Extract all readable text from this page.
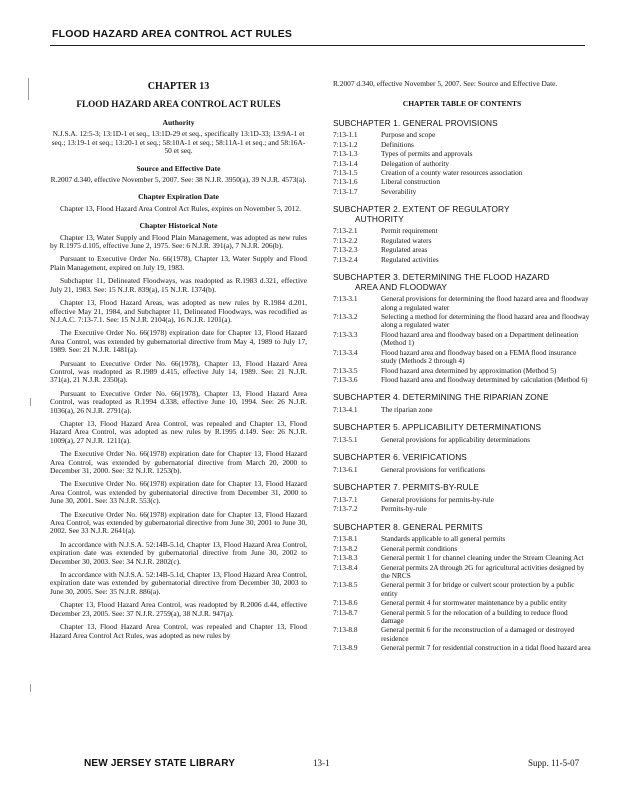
FLOOD HAZARD AREA CONTROL ACT RULES
CHAPTER 13
FLOOD HAZARD AREA CONTROL ACT RULES
Authority

N.J.S.A. 12:5-3; 13:1D-1 et seq., 13:1D-29 et seq., specifically 13:1D-33; 13:9A-1 et seq.; 13:19-1 et seq.; 13:20-1 et seq.; 58:10A-1 et seq.; 58:11A-1 et seq.; and 58:16A-50 et seq.

Source and Effective Date

R.2007 d.340, effective November 5, 2007. See: 38 N.J.R. 3950(a), 39 N.J.R. 4573(a).

Chapter Expiration Date

Chapter 13, Flood Hazard Area Control Act Rules, expires on November 5, 2012.

Chapter Historical Note

Chapter 13, Water Supply and Flood Plain Management, was adopted as new rules by R.1975 d.105, effective June 2, 1975. See: 6 N.J.R. 391(a), 7 N.J.R. 206(b).

Pursuant to Executive Order No. 66(1978), Chapter 13, Water Supply and Flood Plain Management, expired on July 19, 1983.

Subchapter 11, Delineated Floodways, was readopted as R.1983 d.321, effective July 21, 1983. See: 15 N.J.R. 839(a), 15 N.J.R. 1374(b).

Chapter 13, Flood Hazard Areas, was adopted as new rules by R.1984 d.201, effective May 21, 1984, and Subchapter 11, Delineated Floodways, was recodified as N.J.A.C. 7:13-7.1. See: 15 N.J.R. 2104(a), 16 N.J.R. 1201(a).

The Executive Order No. 66(1978) expiration date for Chapter 13, Flood Hazard Area Control, was extended by gubernatorial directive from May 4, 1989 to July 17, 1989. See: 21 N.J.R. 1481(a).

Pursuant to Executive Order No. 66(1978), Chapter 13, Flood Hazard Area Control, was readopted as R.1989 d.415, effective July 14, 1989. See: 21 N.J.R. 371(a), 21 N.J.R. 2350(a).

Pursuant to Executive Order No. 66(1978), Chapter 13, Flood Hazard Area Control, was readopted as R.1994 d.338, effective June 10, 1994. See: 26 N.J.R. 1036(a), 26 N.J.R. 2791(a).

Chapter 13, Flood Hazard Area Control, was repealed and Chapter 13, Flood Hazard Area Control, was adopted as new rules by R.1995 d.149. See: 26 N.J.R. 1009(a), 27 N.J.R. 1211(a).

The Executive Order No. 66(1978) expiration date for Chapter 13, Flood Hazard Area Control, was extended by gubernatorial directive from March 20, 2000 to December 31, 2000. See: 32 N.J.R. 1253(b).

The Executive Order No. 66(1978) expiration date for Chapter 13, Flood Hazard Area Control, was extended by gubernatorial directive from December 31, 2000 to June 30, 2001. See: 33 N.J.R. 553(c).

The Executive Order No. 66(1978) expiration date for Chapter 13, Flood Hazard Area Control, was extended by gubernatorial directive from June 30, 2001 to June 30, 2002. See 33 N.J.R. 2641(a).

In accordance with N.J.S.A. 52:14B-5.1d, Chapter 13, Flood Hazard Area Control, expiration date was extended by gubernatorial directive from June 30, 2002 to December 30, 2003. See: 34 N.J.R. 2802(c).

In accordance with N.J.S.A. 52:14B-5.1d, Chapter 13, Flood Hazard Area Control, expiration date was extended by gubernatorial directive from December 30, 2003 to June 30, 2005. See: 35 N.J.R. 886(a).

Chapter 13, Flood Hazard Area Control, was readopted by R.2006 d.44, effective December 23, 2005. See: 37 N.J.R. 2759(a), 38 N.J.R. 947(a).

Chapter 13, Flood Hazard Area Control, was repealed and Chapter 13, Flood Hazard Area Control Act Rules, was adopted as new rules by

R.2007 d.340, effective November 5, 2007. See: Source and Effective Date.

CHAPTER TABLE OF CONTENTS
SUBCHAPTER 1. GENERAL PROVISIONS
7:13-1.1	Purpose and scope
7:13-1.2	Definitions
7:13-1.3	Types of permits and approvals
7:13-1.4	Delegation of authority
7:13-1.5	Creation of a county water resources association
7:13-1.6	Liberal construction
7:13-1.7	Severability
SUBCHAPTER 2. EXTENT OF REGULATORY
AUTHORITY
7:13-2.1	Permit requirement
7:13-2.2	Regulated waters
7:13-2.3	Regulated areas
7:13-2.4	Regulated activities
SUBCHAPTER 3. DETERMINING THE FLOOD HAZARD
AREA AND FLOODWAY
7:13-3.1	General provisions for determining the flood hazard area and floodway along a regulated water
7:13-3.2	Selecting a method for determining the flood hazard area and floodway along a regulated water
7:13-3.3	Flood hazard area and floodway based on a Department delineation (Method 1)
7:13-3.4	Flood hazard area and floodway based on a FEMA flood insurance study (Methods 2 through 4)
7:13-3.5	Flood hazard area determined by approximation (Method 5)
7:13-3.6	Flood hazard area and floodway determined by calculation (Method 6)
SUBCHAPTER 4. DETERMINING THE RIPARIAN ZONE
7:13-4.1	The riparian zone
SUBCHAPTER 5. APPLICABILITY DETERMINATIONS
7:13-5.1	General provisions for applicability determinations
SUBCHAPTER 6. VERIFICATIONS
7:13-6.1	General provisions for verifications
SUBCHAPTER 7. PERMITS-BY-RULE
7:13-7.1	General provisions for permits-by-rule
7:13-7.2	Permits-by-rule
SUBCHAPTER 8. GENERAL PERMITS
7:13-8.1	Standards applicable to all general permits
7:13-8.2	General permit conditions
7:13-8.3	General permit 1 for channel cleaning under the Stream Cleaning Act
7:13-8.4	General permits 2A through 2G for agricultural activities designed by the NRCS
7:13-8.5	General permit 3 for bridge or culvert scour protection by a public entity
7:13-8.6	General permit 4 for stormwater maintenance by a public entity
7:13-8.7	General permit 5 for the relocation of a building to reduce flood damage
7:13-8.8	General permit 6 for the reconstruction of a damaged or destroyed residence
7:13-8.9	General permit 7 for residential construction in a tidal flood hazard area
NEW JERSEY STATE LIBRARY	13-1	Supp. 11-5-07
